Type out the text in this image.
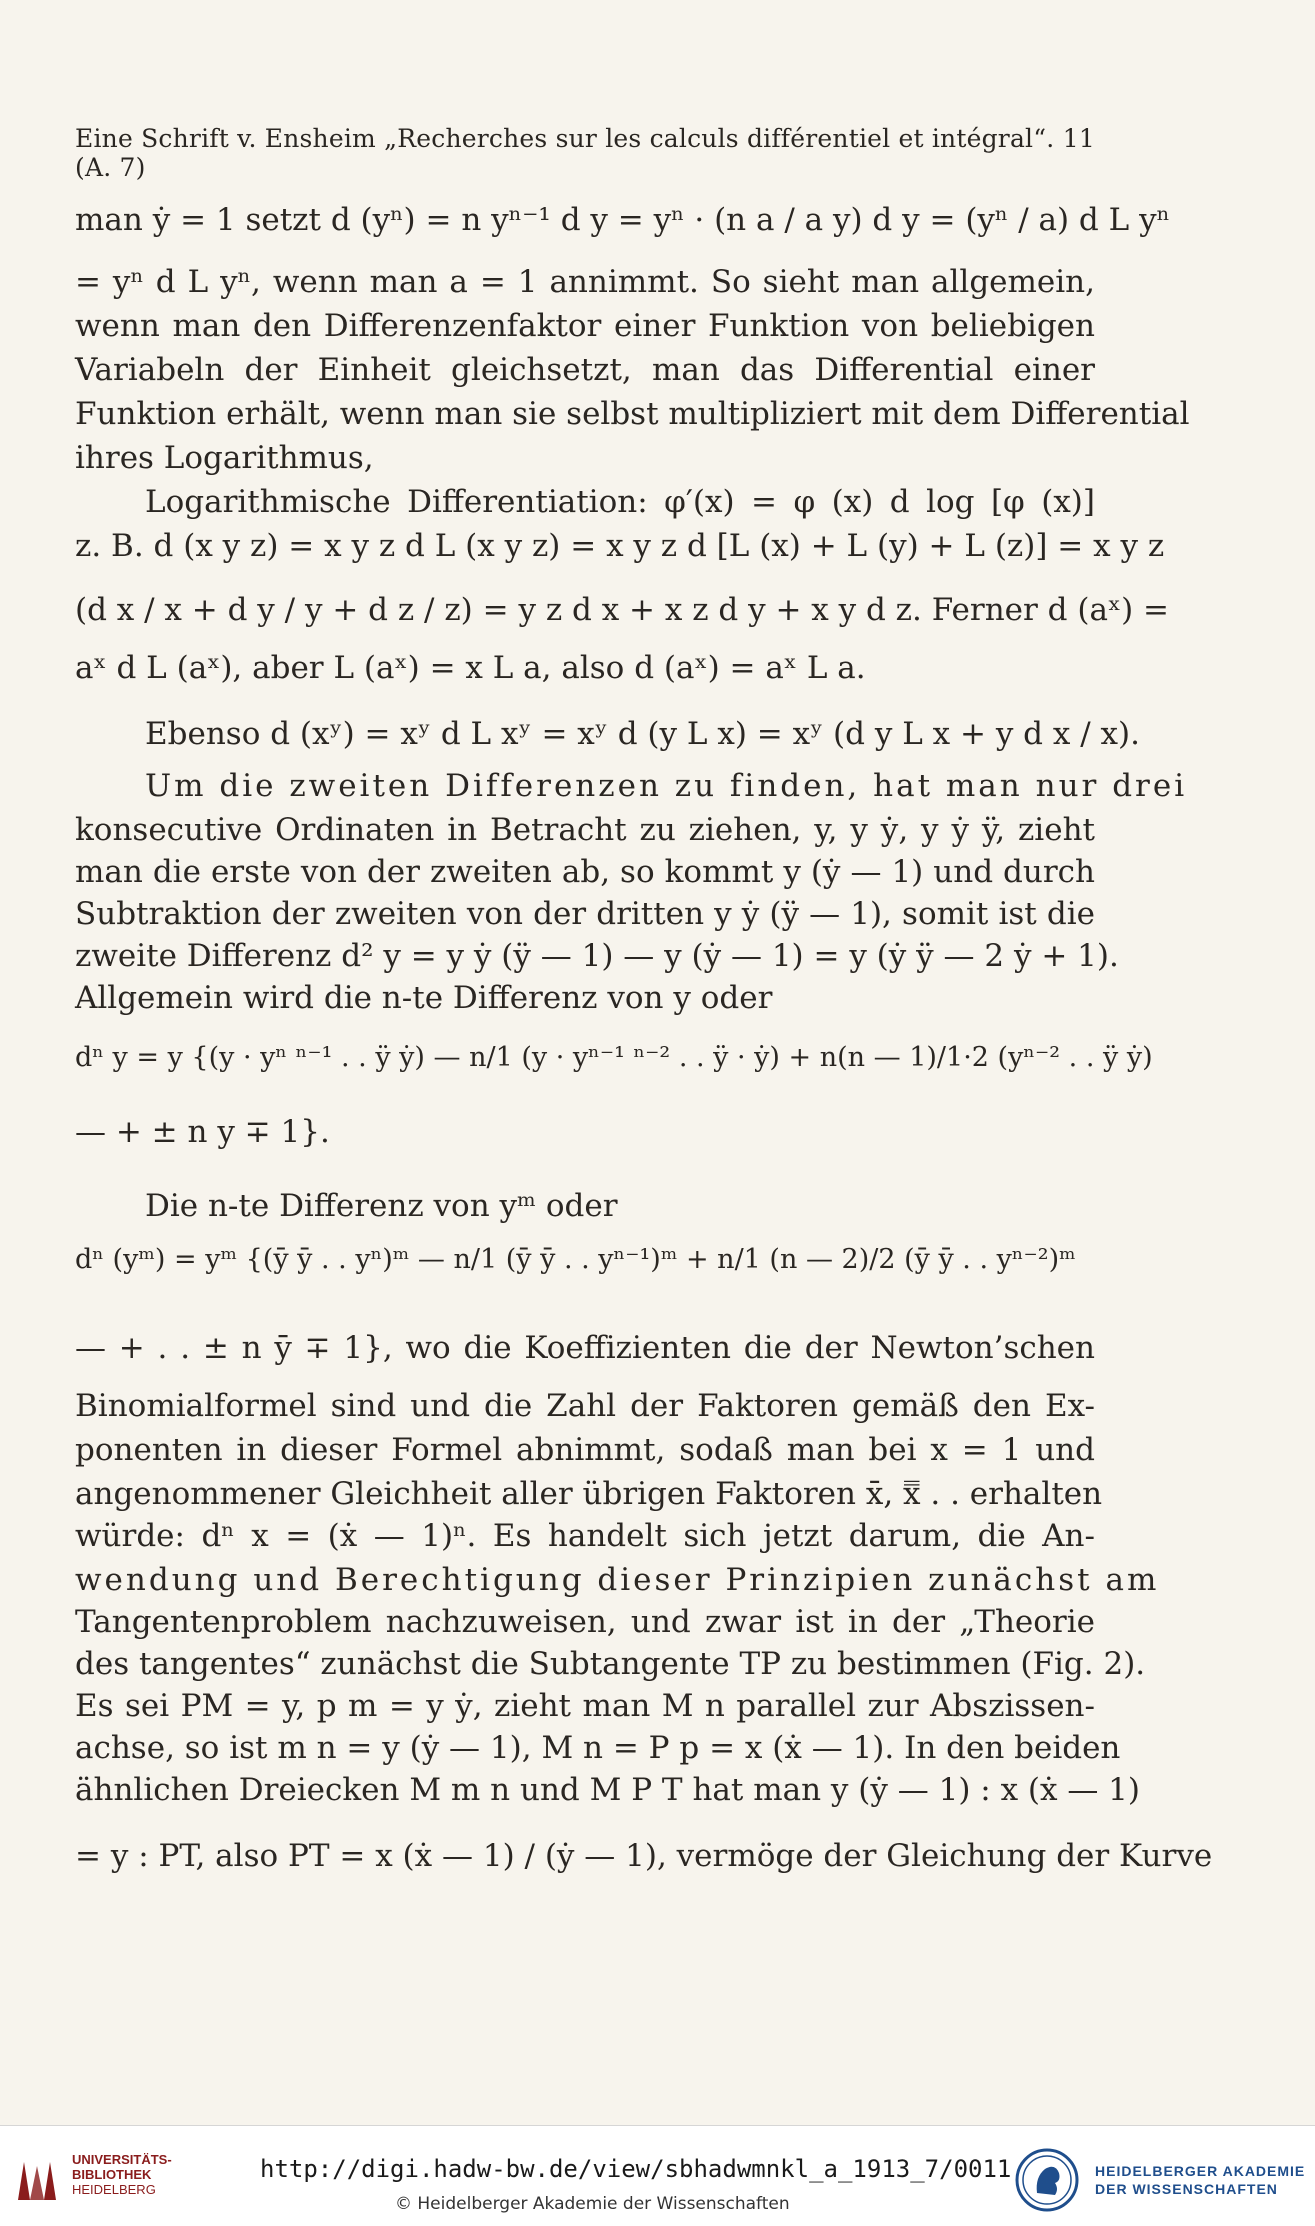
Eine Schrift v. Ensheim „Recherches sur les calculs différentiel et intégral“. (A. 7)
11
man ẏ = 1 setzt d (yⁿ) = n yⁿ⁻¹ d y = yⁿ · (n a / a y) d y = (yⁿ / a) d L yⁿ
= yⁿ d L yⁿ, wenn man a = 1 annimmt. So sieht man allgemein,
wenn man den Differenzenfaktor einer Funktion von beliebigen
Variabeln der Einheit gleichsetzt, man das Differential einer
Funktion erhält, wenn man sie selbst multipliziert mit dem Differential
ihres Logarithmus,
Logarithmische Differentiation: φ′(x) = φ (x) d log [φ (x)]
z. B. d (x y z) = x y z d L (x y z) = x y z d [L (x) + L (y) + L (z)] = x y z
(d x / x + d y / y + d z / z) = y z d x + x z d y + x y d z. Ferner d (aˣ) =
aˣ d L (aˣ), aber L (aˣ) = x L a, also d (aˣ) = aˣ L a.
Ebenso d (xʸ) = xʸ d L xʸ = xʸ d (y L x) = xʸ (d y L x + y d x / x).
Um die zweiten Differenzen zu finden, hat man nur drei
konsecutive Ordinaten in Betracht zu ziehen, y, y ẏ, y ẏ ÿ, zieht
man die erste von der zweiten ab, so kommt y (ẏ — 1) und durch
Subtraktion der zweiten von der dritten y ẏ (ÿ — 1), somit ist die
zweite Differenz d² y = y ẏ (ÿ — 1) — y (ẏ — 1) = y (ẏ ÿ — 2 ẏ + 1).
Allgemein wird die n-te Differenz von y oder
dⁿ y = y {(y · yⁿ ⁿ⁻¹ . . ÿ ẏ) — n/1 (y · yⁿ⁻¹ ⁿ⁻² . . ÿ · ẏ) + n(n — 1)/1·2 (yⁿ⁻² . . ÿ ẏ)
— + ± n y ∓ 1}.
Die n-te Differenz von yᵐ oder
dⁿ (yᵐ) = yᵐ {(ȳ ȳ . . yⁿ)ᵐ — n/1 (ȳ ȳ . . yⁿ⁻¹)ᵐ + n/1 (n — 2)/2 (ȳ ȳ . . yⁿ⁻²)ᵐ
— + . . ± n ȳ ∓ 1}, wo die Koeffizienten die der Newton’schen
Binomialformel sind und die Zahl der Faktoren gemäß den Ex-
ponenten in dieser Formel abnimmt, sodaß man bei x = 1 und
angenommener Gleichheit aller übrigen Faktoren x̄, x̿ . . erhalten
würde: dⁿ x = (ẋ — 1)ⁿ. Es handelt sich jetzt darum, die An-
wendung und Berechtigung dieser Prinzipien zunächst am
Tangentenproblem nachzuweisen, und zwar ist in der „Theorie
des tangentes“ zunächst die Subtangente TP zu bestimmen (Fig. 2).
Es sei PM = y, p m = y ẏ, zieht man M n parallel zur Abszissen-
achse, so ist m n = y (ẏ — 1), M n = P p = x (ẋ — 1). In den beiden
ähnlichen Dreiecken M m n und M P T hat man y (ẏ — 1) : x (ẋ — 1)
= y : PT, also PT = x (ẋ — 1) / (ẏ — 1), vermöge der Gleichung der Kurve
UNIVERSITÄTS-
BIBLIOTHEK
HEIDELBERG
http://digi.hadw-bw.de/view/sbhadwmnkl_a_1913_7/0011
© Heidelberger Akademie der Wissenschaften
HEIDELBERGER AKADEMIE
DER WISSENSCHAFTEN
